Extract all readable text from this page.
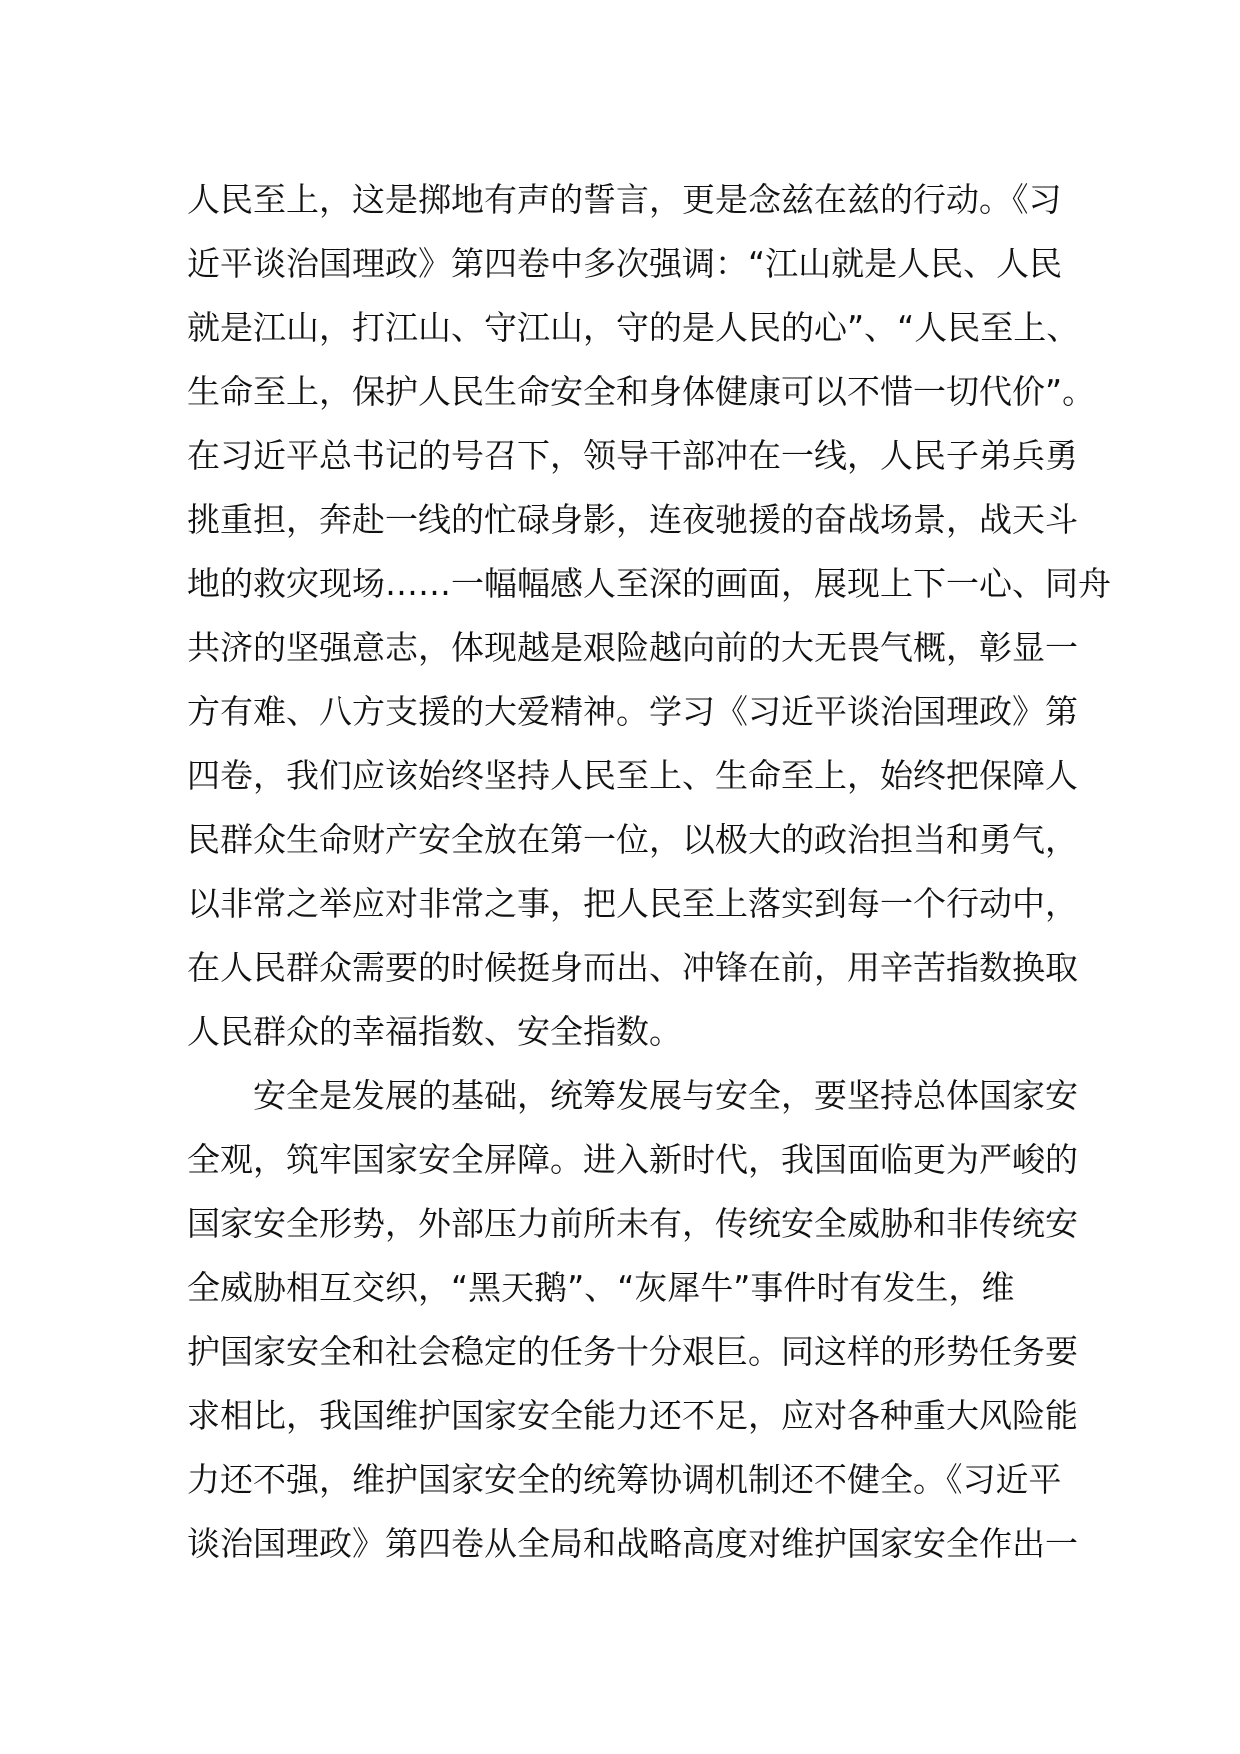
人民至上，这是掷地有声的誓言，更是念兹在兹的行动。《习
近平谈治国理政》第四卷中多次强调：“江山就是人民、人民
就是江山，打江山、守江山，守的是人民的心”、“人民至上、
生命至上，保护人民生命安全和身体健康可以不惜一切代价”。
在习近平总书记的号召下，领导干部冲在一线，人民子弟兵勇
挑重担，奔赴一线的忙碌身影，连夜驰援的奋战场景，战天斗
地的救灾现场……一幅幅感人至深的画面，展现上下一心、同舟
共济的坚强意志，体现越是艰险越向前的大无畏气概，彰显一
方有难、八方支援的大爱精神。学习《习近平谈治国理政》第
四卷，我们应该始终坚持人民至上、生命至上，始终把保障人
民群众生命财产安全放在第一位，以极大的政治担当和勇气，
以非常之举应对非常之事，把人民至上落实到每一个行动中，
在人民群众需要的时候挺身而出、冲锋在前，用辛苦指数换取
人民群众的幸福指数、安全指数。
安全是发展的基础，统筹发展与安全，要坚持总体国家安
全观，筑牢国家安全屏障。进入新时代，我国面临更为严峻的
国家安全形势，外部压力前所未有，传统安全威胁和非传统安
全威胁相互交织，“黑天鹅”、“灰犀牛”事件时有发生，维
护国家安全和社会稳定的任务十分艰巨。同这样的形势任务要
求相比，我国维护国家安全能力还不足，应对各种重大风险能
力还不强，维护国家安全的统筹协调机制还不健全。《习近平
谈治国理政》第四卷从全局和战略高度对维护国家安全作出一
